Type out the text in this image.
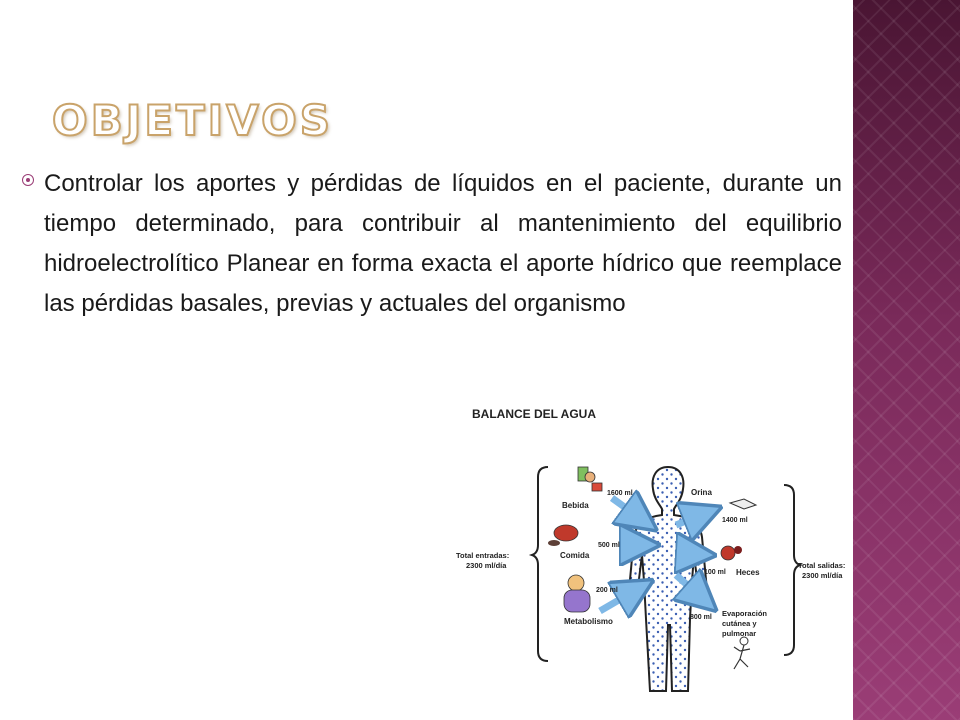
OBJETIVOS

Controlar los aportes y pérdidas de líquidos en el paciente, durante un tiempo determinado, para contribuir al mantenimiento del equilibrio hidroelectrolítico Planear en forma exacta el aporte hídrico que reemplace las pérdidas basales, previas y actuales del organismo

BALANCE DEL AGUA
Total entradas:
2300 ml/día	Total salidas:
2300 ml/día
Bebida
1600 ml
Comida
500 ml
Metabolismo
200 ml
Orina
1400 ml
Heces
100 ml
Evaporación
cutánea y
pulmonar
800 ml
